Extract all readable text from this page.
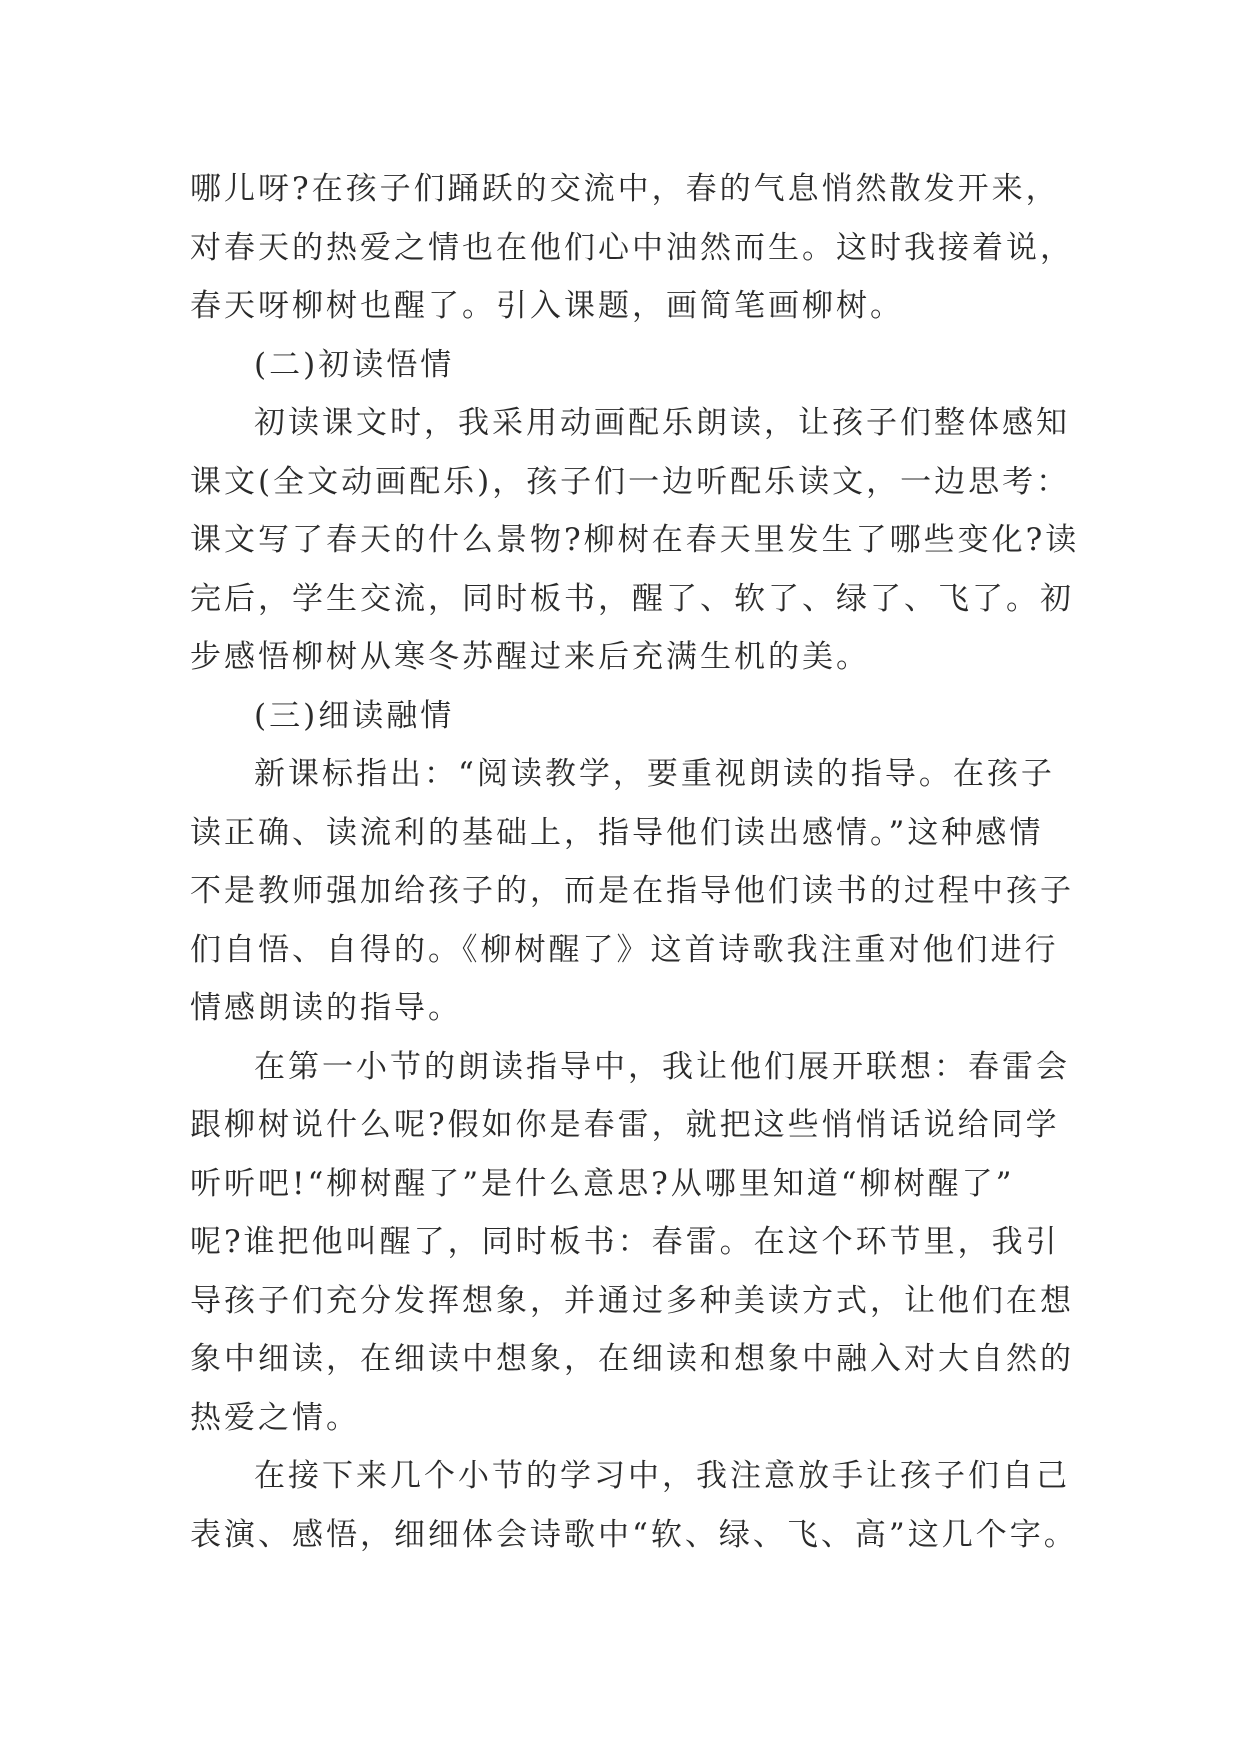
哪儿呀?在孩子们踊跃的交流中，春的气息悄然散发开来，
对春天的热爱之情也在他们心中油然而生。这时我接着说，
春天呀柳树也醒了。引入课题，画简笔画柳树。
(二)初读悟情
初读课文时，我采用动画配乐朗读，让孩子们整体感知
课文(全文动画配乐)，孩子们一边听配乐读文，一边思考：
课文写了春天的什么景物?柳树在春天里发生了哪些变化?读
完后，学生交流，同时板书，醒了、软了、绿了、飞了。初
步感悟柳树从寒冬苏醒过来后充满生机的美。
(三)细读融情
新课标指出：“阅读教学，要重视朗读的指导。在孩子
读正确、读流利的基础上，指导他们读出感情。”这种感情
不是教师强加给孩子的，而是在指导他们读书的过程中孩子
们自悟、自得的。《柳树醒了》这首诗歌我注重对他们进行
情感朗读的指导。
在第一小节的朗读指导中，我让他们展开联想：春雷会
跟柳树说什么呢?假如你是春雷，就把这些悄悄话说给同学
听听吧!“柳树醒了”是什么意思?从哪里知道“柳树醒了”
呢?谁把他叫醒了，同时板书：春雷。在这个环节里，我引
导孩子们充分发挥想象，并通过多种美读方式，让他们在想
象中细读，在细读中想象，在细读和想象中融入对大自然的
热爱之情。
在接下来几个小节的学习中，我注意放手让孩子们自己
表演、感悟，细细体会诗歌中“软、绿、飞、高”这几个字。
